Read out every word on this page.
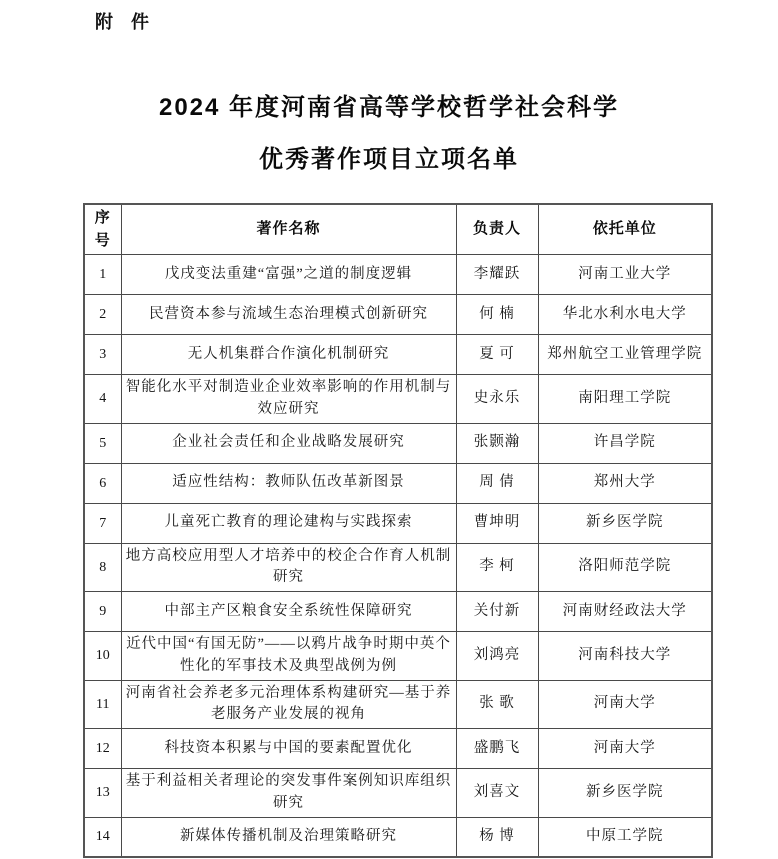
附　件
2024 年度河南省高等学校哲学社会科学
优秀著作项目立项名单
序号	著作名称	负责人	依托单位
1	戊戌变法重建“富强”之道的制度逻辑	李耀跃	河南工业大学
2	民营资本参与流域生态治理模式创新研究	何 楠	华北水利水电大学
3	无人机集群合作演化机制研究	夏 可	郑州航空工业管理学院
4	智能化水平对制造业企业效率影响的作用机制与效应研究	史永乐	南阳理工学院
5	企业社会责任和企业战略发展研究	张颢瀚	许昌学院
6	适应性结构：教师队伍改革新图景	周 倩	郑州大学
7	儿童死亡教育的理论建构与实践探索	曹坤明	新乡医学院
8	地方高校应用型人才培养中的校企合作育人机制研究	李 柯	洛阳师范学院
9	中部主产区粮食安全系统性保障研究	关付新	河南财经政法大学
10	近代中国“有国无防”——以鸦片战争时期中英个性化的军事技术及典型战例为例	刘鸿亮	河南科技大学
11	河南省社会养老多元治理体系构建研究—基于养老服务产业发展的视角	张 歌	河南大学
12	科技资本积累与中国的要素配置优化	盛鹏飞	河南大学
13	基于利益相关者理论的突发事件案例知识库组织研究	刘喜文	新乡医学院
14	新媒体传播机制及治理策略研究	杨 博	中原工学院
